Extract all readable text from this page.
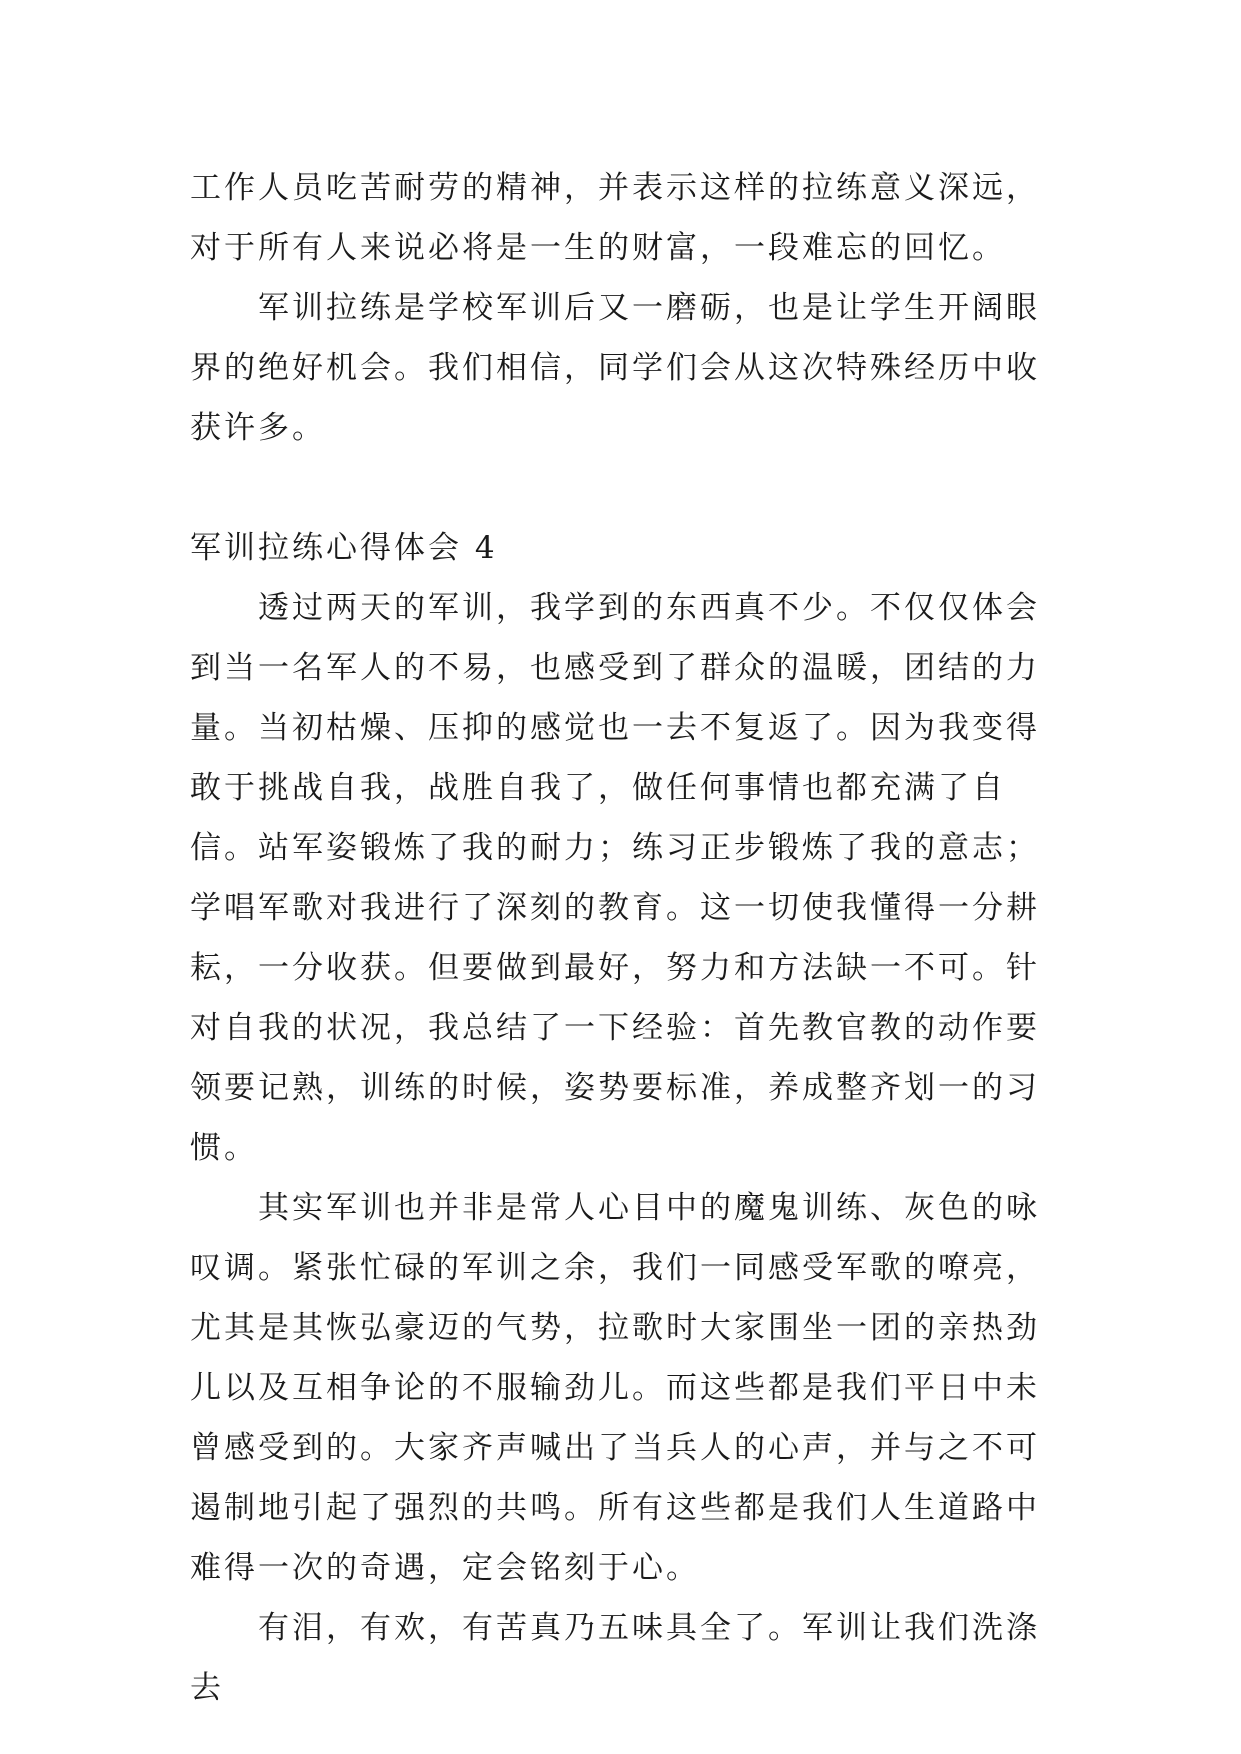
工作人员吃苦耐劳的精神，并表示这样的拉练意义深远，对于所有人来说必将是一生的财富，一段难忘的回忆。

军训拉练是学校军训后又一磨砺，也是让学生开阔眼界的绝好机会。我们相信，同学们会从这次特殊经历中收获许多。

军训拉练心得体会 4

透过两天的军训，我学到的东西真不少。不仅仅体会到当一名军人的不易，也感受到了群众的温暖，团结的力量。当初枯燥、压抑的感觉也一去不复返了。因为我变得敢于挑战自我，战胜自我了，做任何事情也都充满了自信。站军姿锻炼了我的耐力；练习正步锻炼了我的意志；学唱军歌对我进行了深刻的教育。这一切使我懂得一分耕耘，一分收获。但要做到最好，努力和方法缺一不可。针对自我的状况，我总结了一下经验：首先教官教的动作要领要记熟，训练的时候，姿势要标准，养成整齐划一的习惯。

其实军训也并非是常人心目中的魔鬼训练、灰色的咏叹调。紧张忙碌的军训之余，我们一同感受军歌的嘹亮，尤其是其恢弘豪迈的气势，拉歌时大家围坐一团的亲热劲儿以及互相争论的不服输劲儿。而这些都是我们平日中未曾感受到的。大家齐声喊出了当兵人的心声，并与之不可遏制地引起了强烈的共鸣。所有这些都是我们人生道路中难得一次的奇遇，定会铭刻于心。

有泪，有欢，有苦真乃五味具全了。军训让我们洗涤去
